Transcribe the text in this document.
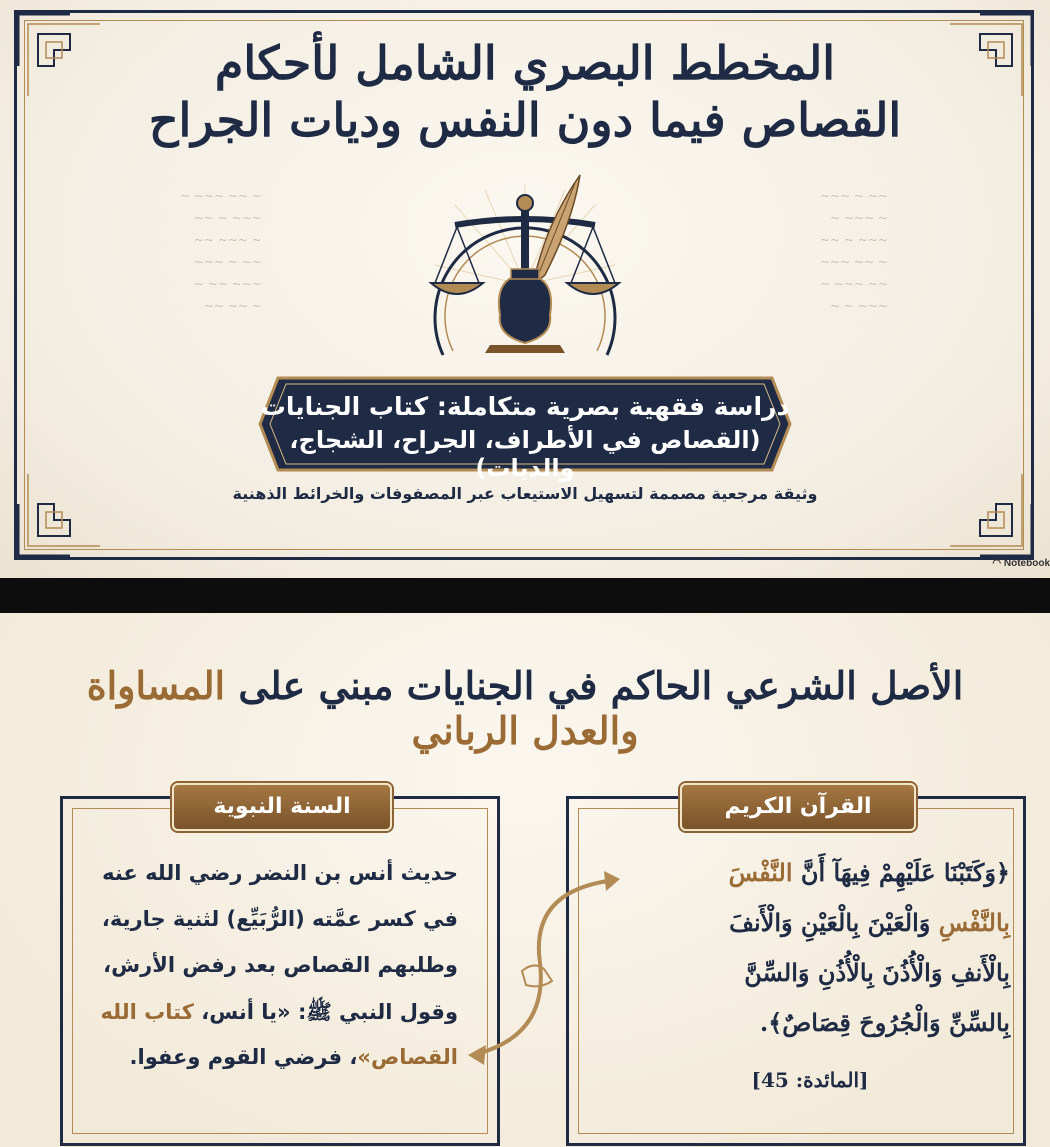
~ ~~ ~~~ ~
~~~ ~ ~~
~ ~~~ ~~
~~ ~ ~~~
~~~ ~~ ~
~ ~~ ~~
~~ ~ ~~~
~ ~~~ ~
~~~ ~ ~~
~ ~~ ~~~
~~ ~~~ ~
~~~ ~ ~
المخطط البصري الشامل لأحكام
القصاص فيما دون النفس وديات الجراح
دراسة فقهية بصرية متكاملة: كتاب الجنايات
(القصاص في الأطراف، الجراح، الشجاج، والديات)
وثيقة مرجعية مصممة لتسهيل الاستيعاب عبر المصفوفات والخرائط الذهنية
◠ Notebook
الأصل الشرعي الحاكم في الجنايات مبني على المساواة والعدل الرباني
القرآن الكريم
﴿وَكَتَبْنَا عَلَيْهِمْ فِيهَآ أَنَّ النَّفْسَ
بِالنَّفْسِ وَالْعَيْنَ بِالْعَيْنِ وَالْأَنفَ
بِالْأَنفِ وَالْأُذُنَ بِالْأُذُنِ وَالسِّنَّ
بِالسِّنِّ وَالْجُرُوحَ قِصَاصٌ﴾.
[المائدة: 45]
السنة النبوية
حديث أنس بن النضر رضي الله عنه
في كسر عمَّته (الرُّبَيِّع) لثنية جارية،
وطلبهم القصاص بعد رفض الأرش،
وقول النبي ﷺ: «يا أنس، كتاب الله
القصاص»، فرضي القوم وعفوا.
